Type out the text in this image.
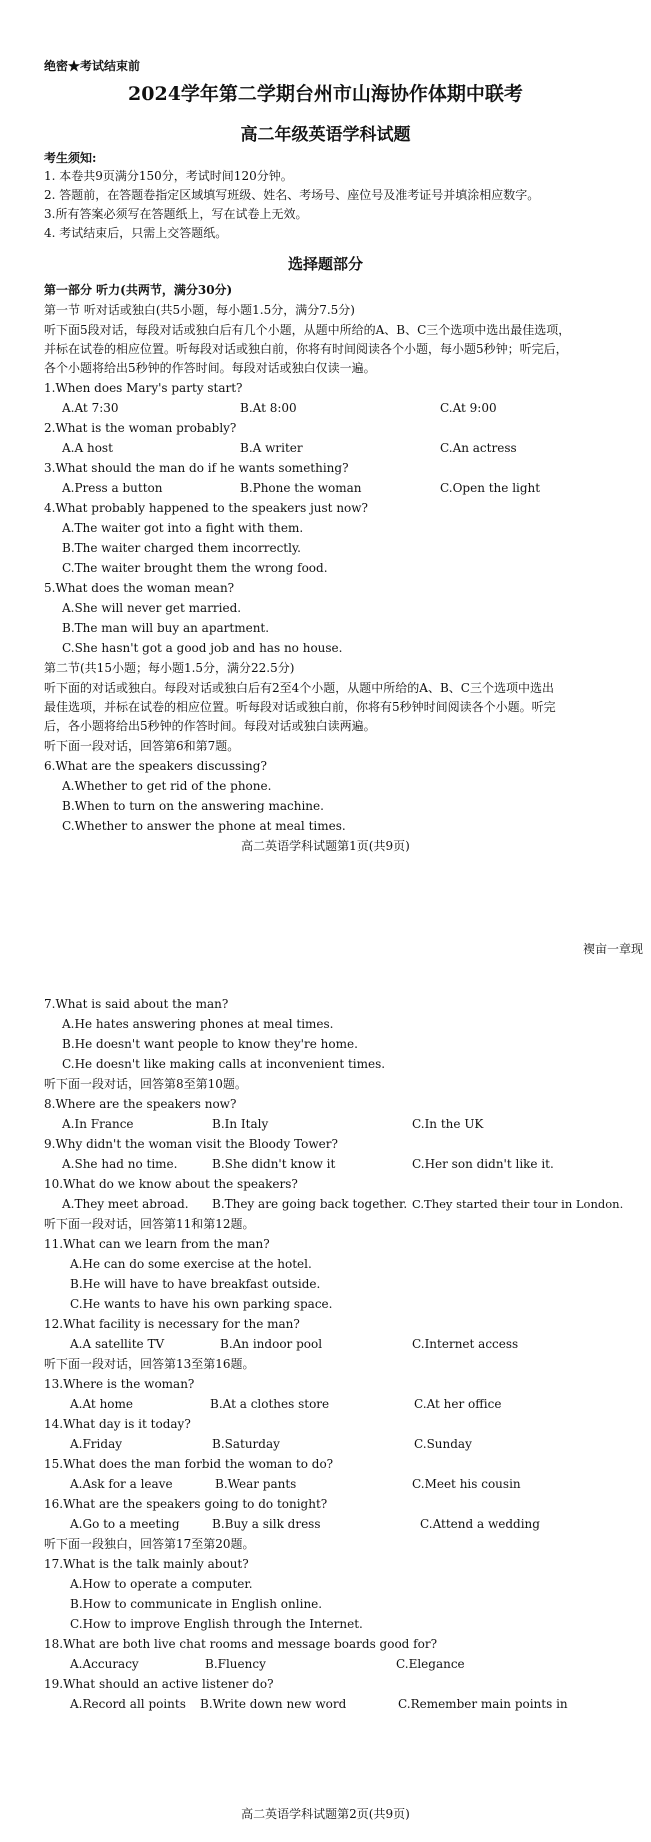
绝密★考试结束前
2024学年第二学期台州市山海协作体期中联考
高二年级英语学科试题
考生须知:
1. 本卷共9页满分150分，考试时间120分钟。
2. 答题前，在答题卷指定区域填写班级、姓名、考场号、座位号及准考证号并填涂相应数字。
3.所有答案必须写在答题纸上，写在试卷上无效。
4. 考试结束后，只需上交答题纸。
选择题部分
第一部分 听力(共两节，满分30分)
第一节 听对话或独白(共5小题，每小题1.5分，满分7.5分)
听下面5段对话，每段对话或独白后有几个小题，从题中所给的A、B、C三个选项中选出最佳选项，
并标在试卷的相应位置。听每段对话或独白前，你将有时间阅读各个小题，每小题5秒钟；听完后，
各个小题将给出5秒钟的作答时间。每段对话或独白仅读一遍。
1.When does Mary's party start?
A.At 7:30	B.At 8:00	C.At 9:00
2.What is the woman probably?
A.A host	B.A writer	C.An actress
3.What should the man do if he wants something?
A.Press a button	B.Phone the woman	C.Open the light
4.What probably happened to the speakers just now?
A.The waiter got into a fight with them.
B.The waiter charged them incorrectly.
C.The waiter brought them the wrong food.
5.What does the woman mean?
A.She will never get married.
B.The man will buy an apartment.
C.She hasn't got a good job and has no house.
第二节(共15小题；每小题1.5分，满分22.5分)
听下面的对话或独白。每段对话或独白后有2至4个小题，从题中所给的A、B、C三个选项中选出
最佳选项，并标在试卷的相应位置。听每段对话或独白前，你将有5秒钟时间阅读各个小题。听完
后，各小题将给出5秒钟的作答时间。每段对话或独白读两遍。
听下面一段对话，回答第6和第7题。
6.What are the speakers discussing?
A.Whether to get rid of the phone.
B.When to turn on the answering machine.
C.Whether to answer the phone at meal times.
高二英语学科试题第1页(共9页)
褉亩一章现
7.What is said about the man?
A.He hates answering phones at meal times.
B.He doesn't want people to know they're home.
C.He doesn't like making calls at inconvenient times.
听下面一段对话，回答第8至第10题。
8.Where are the speakers now?
A.In France	B.In Italy	C.In the UK
9.Why didn't the woman visit the Bloody Tower?
A.She had no time.	B.She didn't know it	C.Her son didn't like it.
10.What do we know about the speakers?
A.They meet abroad. B.They are going back together. C.They started their tour in London.
听下面一段对话，回答第11和第12题。
11.What can we learn from the man?
A.He can do some exercise at the hotel.
B.He will have to have breakfast outside.
C.He wants to have his own parking space.
12.What facility is necessary for the man?
A.A satellite TV	B.An indoor pool	C.Internet access
听下面一段对话，回答第13至第16题。
13.Where is the woman?
A.At home	B.At a clothes store	C.At her office
14.What day is it today?
A.Friday	B.Saturday	C.Sunday
15.What does the man forbid the woman to do?
A.Ask for a leave	B.Wear pants	C.Meet his cousin
16.What are the speakers going to do tonight?
A.Go to a meeting	B.Buy a silk dress	C.Attend a wedding
听下面一段独白，回答第17至第20题。
17.What is the talk mainly about?
A.How to operate a computer.
B.How to communicate in English online.
C.How to improve English through the Internet.
18.What are both live chat rooms and message boards good for?
A.Accuracy	B.Fluency	C.Elegance
19.What should an active listener do?
A.Record all points B.Write down new word	C.Remember main points in
高二英语学科试题第2页(共9页)
